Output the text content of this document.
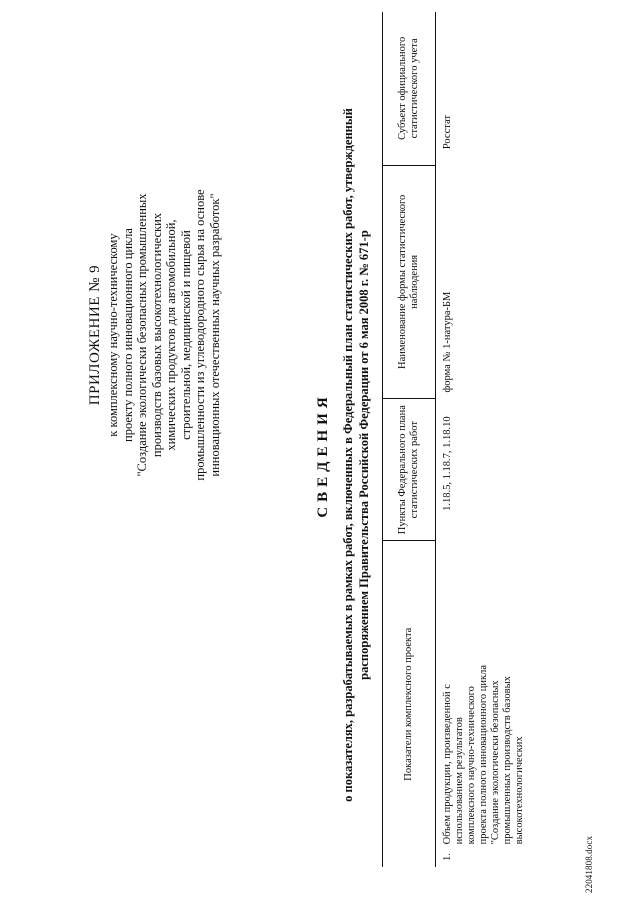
22041808.docx
ПРИЛОЖЕНИЕ № 9 к комплексному научно-техническому проекту полного инновационного цикла "Создание экологически безопасных промышленных производств базовых высокотехнологических химических продуктов для автомобильной, строительной, медицинской и пищевой промышленности из углеводородного сырья на основе инновационных отечественных научных разработок"	СВЕДЕНИЯ о показателях, разрабатываемых в рамках работ, включенных в Федеральный план статистических работ, утвержденный распоряжением Правительства Российской Федерации от 6 мая 2008 г. № 671-р
Показатели комплексного проекта	Пункты Федерального плана статистических работ	Наименование формы статистического наблюдения	Субъект официального статистического учета
1. Объем продукции, произведенной с использованием результатов комплексного научно-технического проекта полного инновационного цикла "Создание экологически безопасных промышленных производств базовых высокотехнологических	1.18.5, 1.18.7, 1.18.10	форма № 1-натура-БМ	Росстат
